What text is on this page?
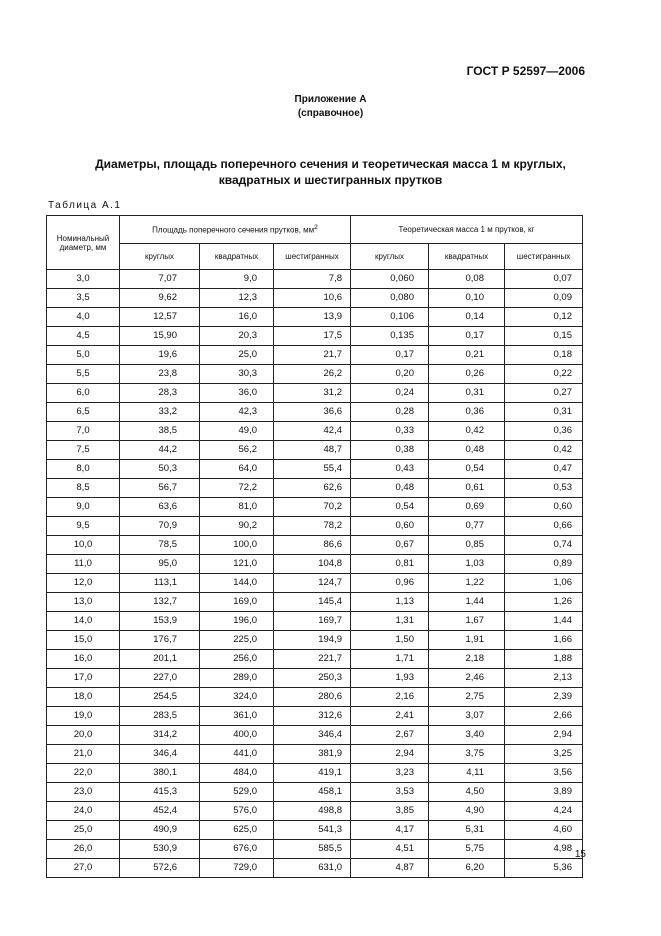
ГОСТ Р 52597—2006
Приложение А
(справочное)
Диаметры, площадь поперечного сечения и теоретическая масса 1 м круглых,
квадратных и шестигранных прутков
Таблица А.1
Номинальный диаметр, мм	Площадь поперечного сечения прутков, $мм^2$			Теоретическая масса 1 м прутков, кг		
	круглых	квадратных	шестигранных	круглых	квадратных	шестигранных
3,0	7,07	9,0	7,8	0,060	0,08	0,07
3,5	9,62	12,3	10,6	0,080	0,10	0,09
4,0	12,57	16,0	13,9	0,106	0,14	0,12
4,5	15,90	20,3	17,5	0,135	0,17	0,15
5,0	19,6	25,0	21,7	0,17	0,21	0,18
5,5	23,8	30,3	26,2	0,20	0,26	0,22
6,0	28,3	36,0	31,2	0,24	0,31	0,27
6,5	33,2	42,3	36,6	0,28	0,36	0,31
7,0	38,5	49,0	42,4	0,33	0,42	0,36
7,5	44,2	56,2	48,7	0,38	0,48	0,42
8,0	50,3	64,0	55,4	0,43	0,54	0,47
8,5	56,7	72,2	62,6	0,48	0,61	0,53
9,0	63,6	81,0	70,2	0,54	0,69	0,60
9,5	70,9	90,2	78,2	0,60	0,77	0,66
10,0	78,5	100,0	86,6	0,67	0,85	0,74
11,0	95,0	121,0	104,8	0,81	1,03	0,89
12,0	113,1	144,0	124,7	0,96	1,22	1,06
13,0	132,7	169,0	145,4	1,13	1,44	1,26
14,0	153,9	196,0	169,7	1,31	1,67	1,44
15,0	176,7	225,0	194,9	1,50	1,91	1,66
16,0	201,1	256,0	221,7	1,71	2,18	1,88
17,0	227,0	289,0	250,3	1,93	2,46	2,13
18,0	254,5	324,0	280,6	2,16	2,75	2,39
19,0	283,5	361,0	312,6	2,41	3,07	2,66
20,0	314,2	400,0	346,4	2,67	3,40	2,94
21,0	346,4	441,0	381,9	2,94	3,75	3,25
22,0	380,1	484,0	419,1	3,23	4,11	3,56
23,0	415,3	529,0	458,1	3,53	4,50	3,89
24,0	452,4	576,0	498,8	3,85	4,90	4,24
25,0	490,9	625,0	541,3	4,17	5,31	4,60
26,0	530,9	676,0	585,5	4,51	5,75	4,98
27,0	572,6	729,0	631,0	4,87	6,20	5,36
15
